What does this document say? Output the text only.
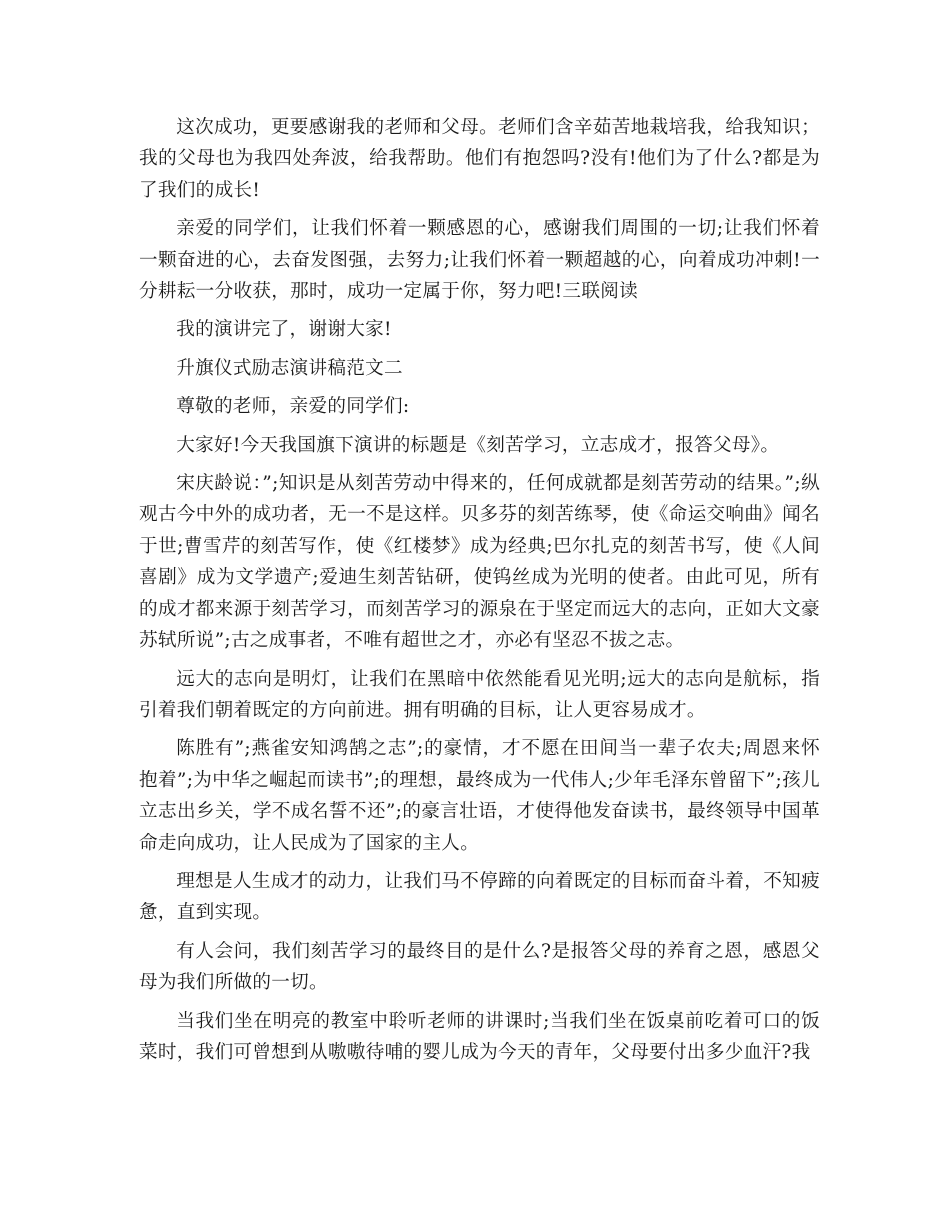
这次成功，更要感谢我的老师和父母。老师们含辛茹苦地栽培我，给我知识；我的父母也为我四处奔波，给我帮助。他们有抱怨吗?没有!他们为了什么?都是为了我们的成长!

亲爱的同学们，让我们怀着一颗感恩的心，感谢我们周围的一切;让我们怀着一颗奋进的心，去奋发图强，去努力;让我们怀着一颗超越的心，向着成功冲刺!一分耕耘一分收获，那时，成功一定属于你，努力吧!三联阅读

我的演讲完了，谢谢大家!

升旗仪式励志演讲稿范文二

尊敬的老师，亲爱的同学们:

大家好!今天我国旗下演讲的标题是《刻苦学习，立志成才，报答父母》。

宋庆龄说：”;知识是从刻苦劳动中得来的，任何成就都是刻苦劳动的结果。”;纵观古今中外的成功者，无一不是这样。贝多芬的刻苦练琴，使《命运交响曲》闻名于世;曹雪芹的刻苦写作，使《红楼梦》成为经典;巴尔扎克的刻苦书写，使《人间喜剧》成为文学遗产;爱迪生刻苦钻研，使钨丝成为光明的使者。由此可见，所有的成才都来源于刻苦学习，而刻苦学习的源泉在于坚定而远大的志向，正如大文豪苏轼所说”;古之成事者，不唯有超世之才，亦必有坚忍不拔之志。

远大的志向是明灯，让我们在黑暗中依然能看见光明;远大的志向是航标，指引着我们朝着既定的方向前进。拥有明确的目标，让人更容易成才。

陈胜有”;燕雀安知鸿鹄之志”;的豪情，才不愿在田间当一辈子农夫;周恩来怀抱着”;为中华之崛起而读书”;的理想，最终成为一代伟人;少年毛泽东曾留下”;孩儿立志出乡关，学不成名誓不还”;的豪言壮语，才使得他发奋读书，最终领导中国革命走向成功，让人民成为了国家的主人。

理想是人生成才的动力，让我们马不停蹄的向着既定的目标而奋斗着，不知疲惫，直到实现。

有人会问，我们刻苦学习的最终目的是什么?是报答父母的养育之恩，感恩父母为我们所做的一切。

当我们坐在明亮的教室中聆听老师的讲课时;当我们坐在饭桌前吃着可口的饭菜时，我们可曾想到从嗷嗷待哺的婴儿成为今天的青年，父母要付出多少血汗?我
